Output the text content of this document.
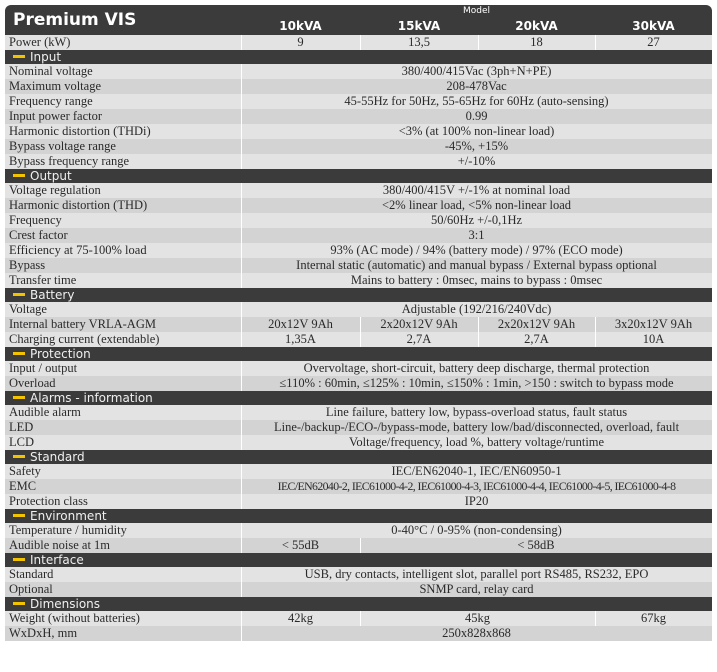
Premium VIS	Model			
	10kVA	15kVA	20kVA	30kVA
Power (kW)	9	13,5	18	27
Input				
Nominal voltage	380/400/415Vac (3ph+N+PE)			
Maximum voltage	208-478Vac			
Frequency range	45-55Hz for 50Hz, 55-65Hz for 60Hz (auto-sensing)			
Input power factor	0.99			
Harmonic distortion (THDi)	<3% (at 100% non-linear load)			
Bypass voltage range	-45%, +15%			
Bypass frequency range	+/-10%			
Output				
Voltage regulation	380/400/415V +/-1% at nominal load			
Harmonic distortion (THD)	<2% linear load, <5% non-linear load			
Frequency	50/60Hz +/-0,1Hz			
Crest factor	3:1			
Efficiency at 75-100% load	93% (AC mode) / 94% (battery mode) / 97% (ECO mode)			
Bypass	Internal static (automatic) and manual bypass / External bypass optional			
Transfer time	Mains to battery : 0msec, mains to bypass : 0msec			
Battery				
Voltage	Adjustable (192/216/240Vdc)			
Internal battery VRLA-AGM	20x12V 9Ah	2x20x12V 9Ah	2x20x12V 9Ah	3x20x12V 9Ah
Charging current (extendable)	1,35A	2,7A	2,7A	10A
Protection				
Input / output	Overvoltage, short-circuit, battery deep discharge, thermal protection			
Overload	≤110% : 60min, ≤125% : 10min, ≤150% : 1min, >150 : switch to bypass mode			
Alarms - information				
Audible alarm	Line failure, battery low, bypass-overload status, fault status			
LED	Line-/backup-/ECO-/bypass-mode, battery low/bad/disconnected, overload, fault			
LCD	Voltage/frequency, load %, battery voltage/runtime			
Standard				
Safety	IEC/EN62040-1, IEC/EN60950-1			
EMC	IEC/EN62040-2, IEC61000-4-2, IEC61000-4-3, IEC61000-4-4, IEC61000-4-5, IEC61000-4-8			
Protection class	IP20			
Environment				
Temperature / humidity	0-40°C / 0-95% (non-condensing)			
Audible noise at 1m	< 55dB	< 58dB		
Interface				
Standard	USB, dry contacts, intelligent slot, parallel port RS485, RS232, EPO			
Optional	SNMP card, relay card			
Dimensions				
Weight (without batteries)	42kg	45kg		67kg
WxDxH, mm	250x828x868			
